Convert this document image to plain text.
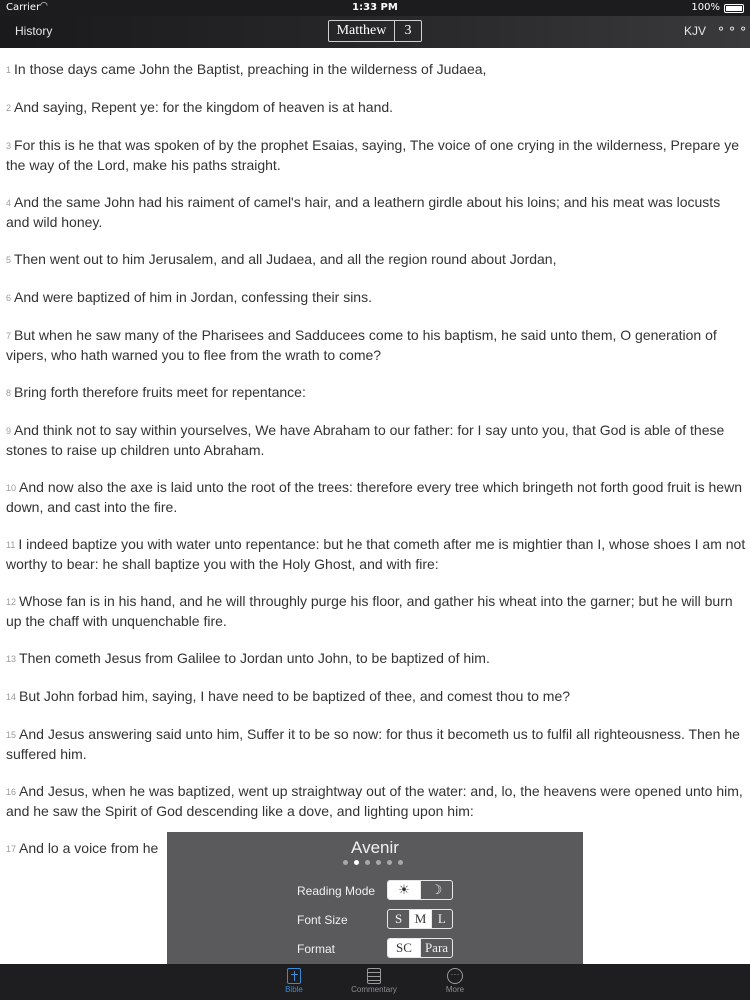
Carrier ◠	1:33 PM	100%
History	Matthew	3	KJV ⚬⚬⚬
1 In those days came John the Baptist, preaching in the wilderness of Judaea,
2 And saying, Repent ye: for the kingdom of heaven is at hand.
3 For this is he that was spoken of by the prophet Esaias, saying, The voice of one crying in the wilderness, Prepare ye the way of the Lord, make his paths straight.
4 And the same John had his raiment of camel's hair, and a leathern girdle about his loins; and his meat was locusts and wild honey.
5 Then went out to him Jerusalem, and all Judaea, and all the region round about Jordan,
6 And were baptized of him in Jordan, confessing their sins.
7 But when he saw many of the Pharisees and Sadducees come to his baptism, he said unto them, O generation of vipers, who hath warned you to flee from the wrath to come?
8 Bring forth therefore fruits meet for repentance:
9 And think not to say within yourselves, We have Abraham to our father: for I say unto you, that God is able of these stones to raise up children unto Abraham.
10 And now also the axe is laid unto the root of the trees: therefore every tree which bringeth not forth good fruit is hewn down, and cast into the fire.
11 I indeed baptize you with water unto repentance: but he that cometh after me is mightier than I, whose shoes I am not worthy to bear: he shall baptize you with the Holy Ghost, and with fire:
12 Whose fan is in his hand, and he will throughly purge his floor, and gather his wheat into the garner; but he will burn up the chaff with unquenchable fire.
13 Then cometh Jesus from Galilee to Jordan unto John, to be baptized of him.
14 But John forbad him, saying, I have need to be baptized of thee, and comest thou to me?
15 And Jesus answering said unto him, Suffer it to be so now: for thus it becometh us to fulfil all righteousness. Then he suffered him.
16 And Jesus, when he was baptized, went up straightway out of the water: and, lo, the heavens were opened unto him, and he saw the Spirit of God descending like a dove, and lighting upon him:
17 And lo a voice from he	Avenir
Reading Mode	☀	☽
Font Size	S M L
Format	SC Para
Bible	Commentary
···
More
